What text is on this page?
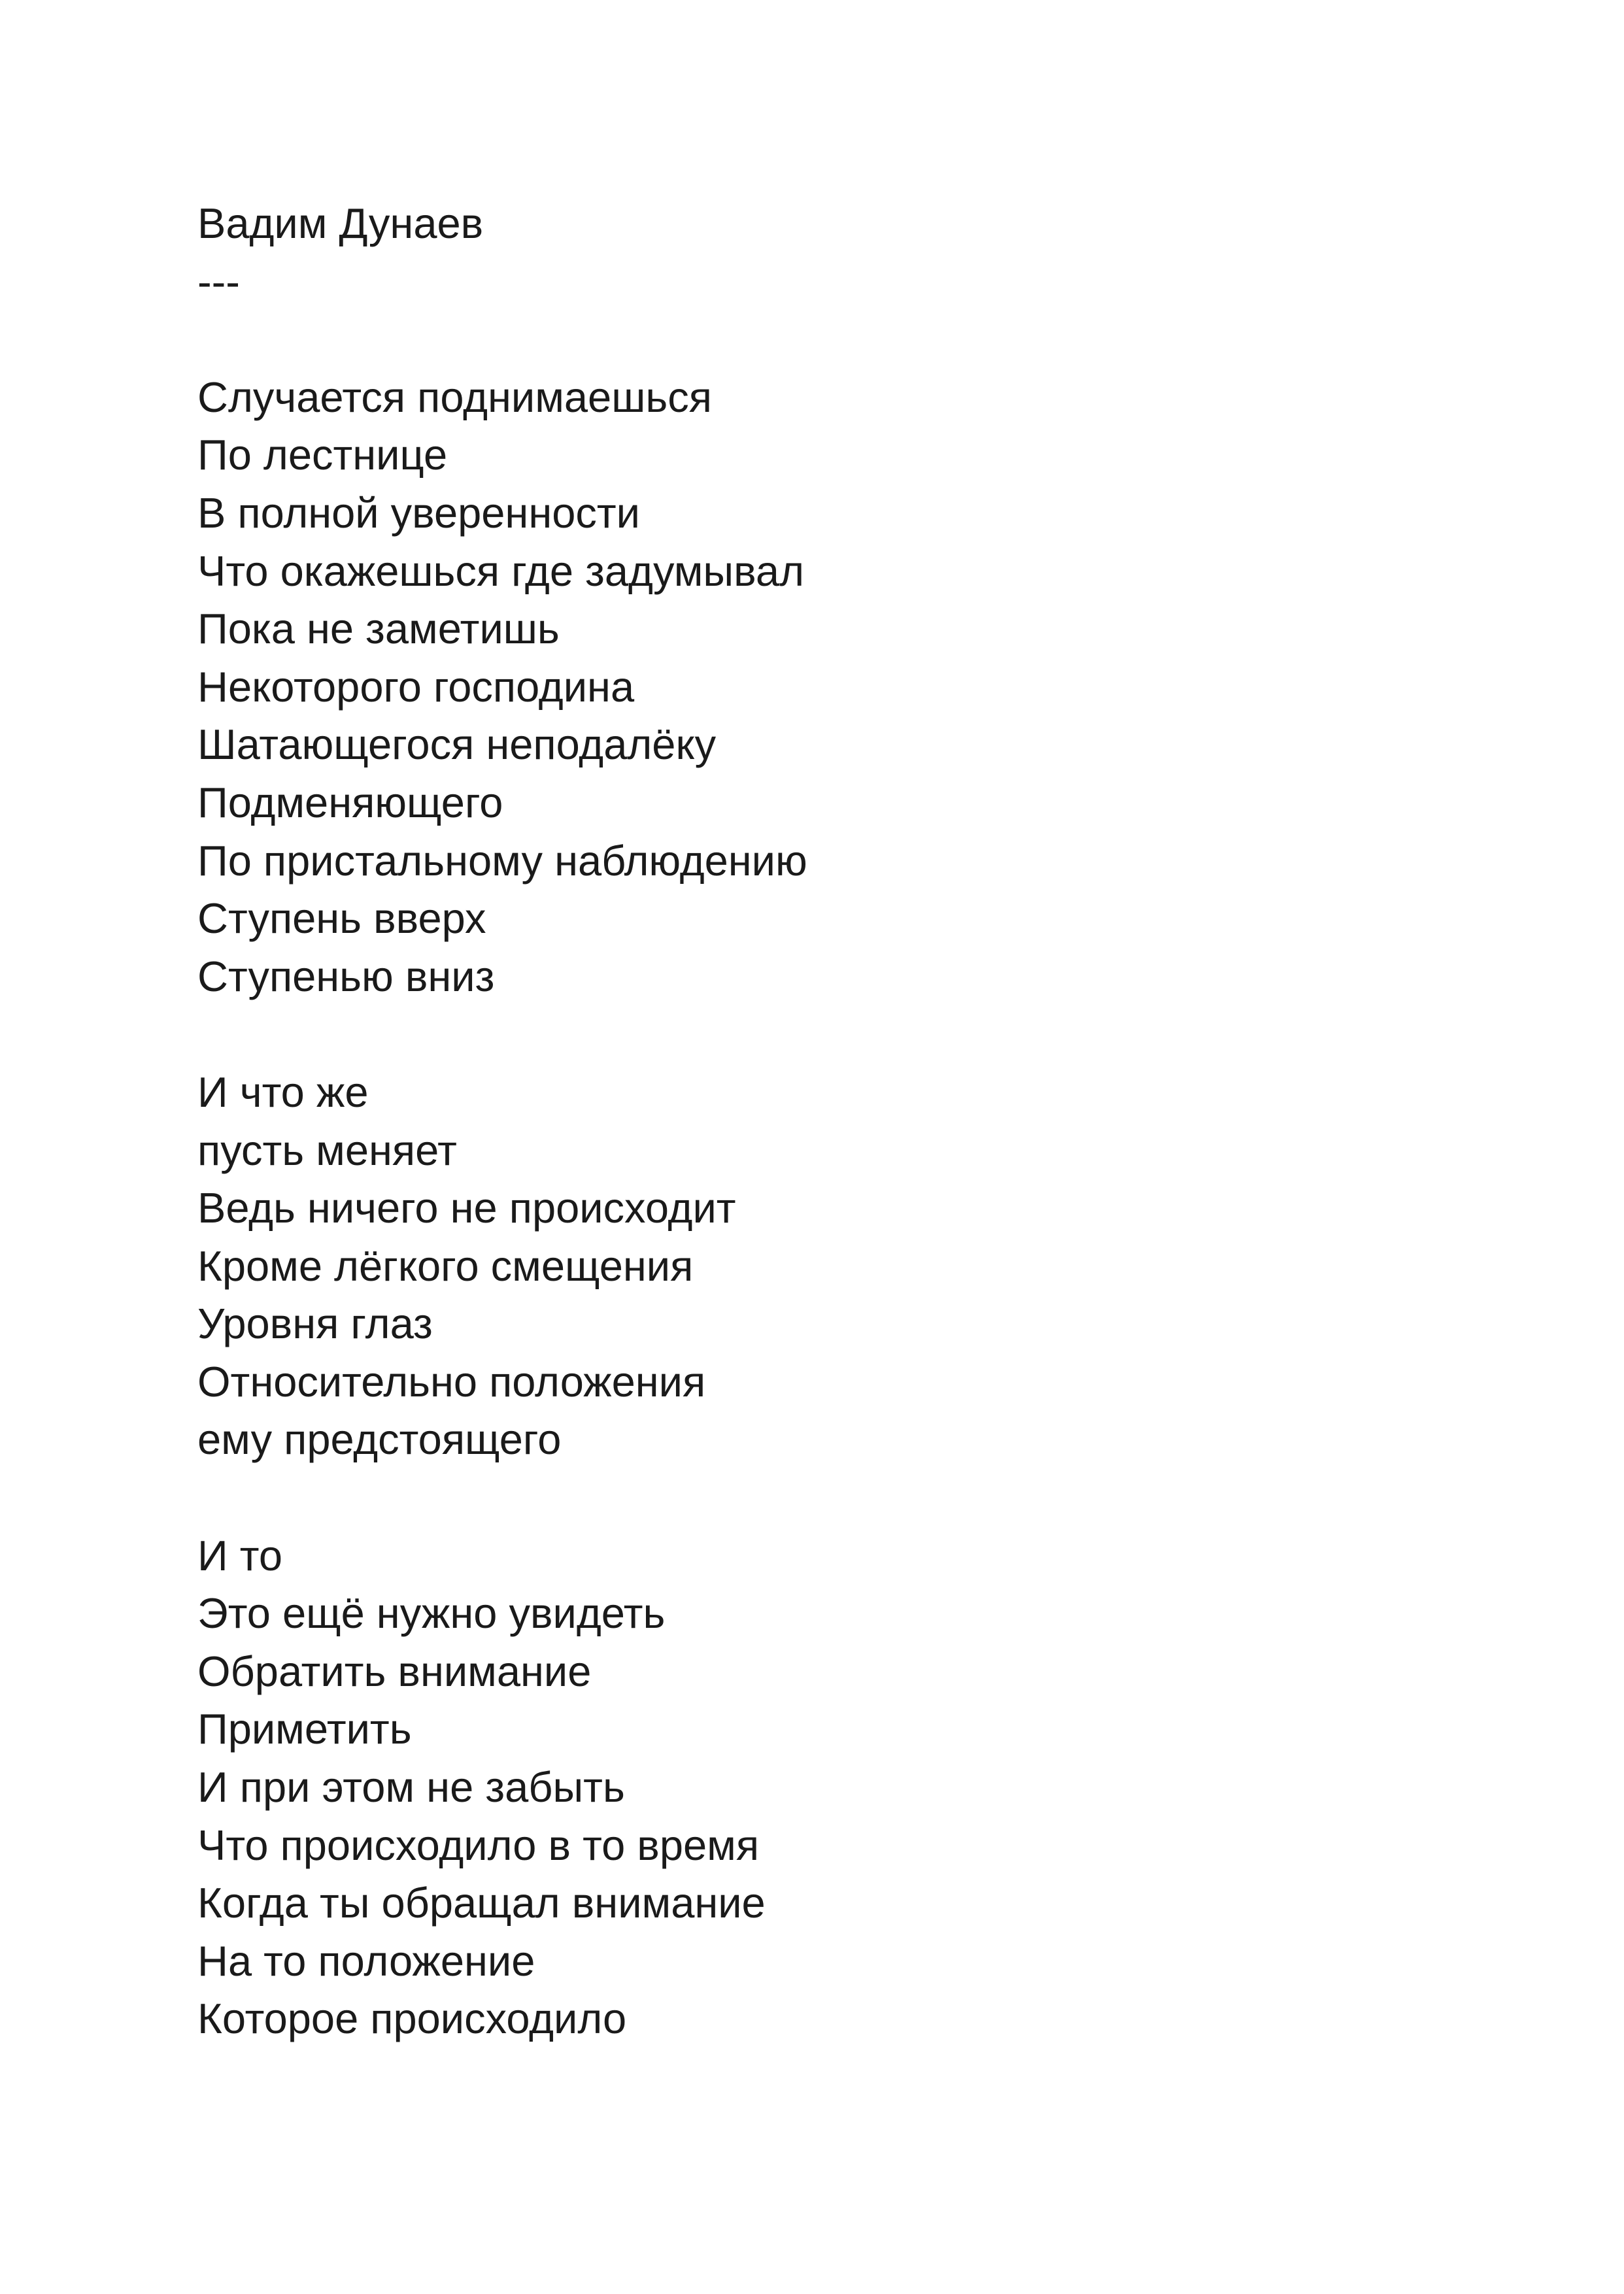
Вадим Дунаев
---
Случается поднимаешься
По лестнице
В полной уверенности
Что окажешься где задумывал
Пока не заметишь
Некоторого господина
Шатающегося неподалёку
Подменяющего
По пристальному наблюдению
Ступень вверх
Ступенью вниз
И что же
пусть меняет
Ведь ничего не происходит
Кроме лёгкого смещения
Уровня глаз
Относительно положения
ему предстоящего
И то
Это ещё нужно увидеть
Обратить внимание
Приметить
И при этом не забыть
Что происходило в то время
Когда ты обращал внимание
На то положение
Которое происходило
